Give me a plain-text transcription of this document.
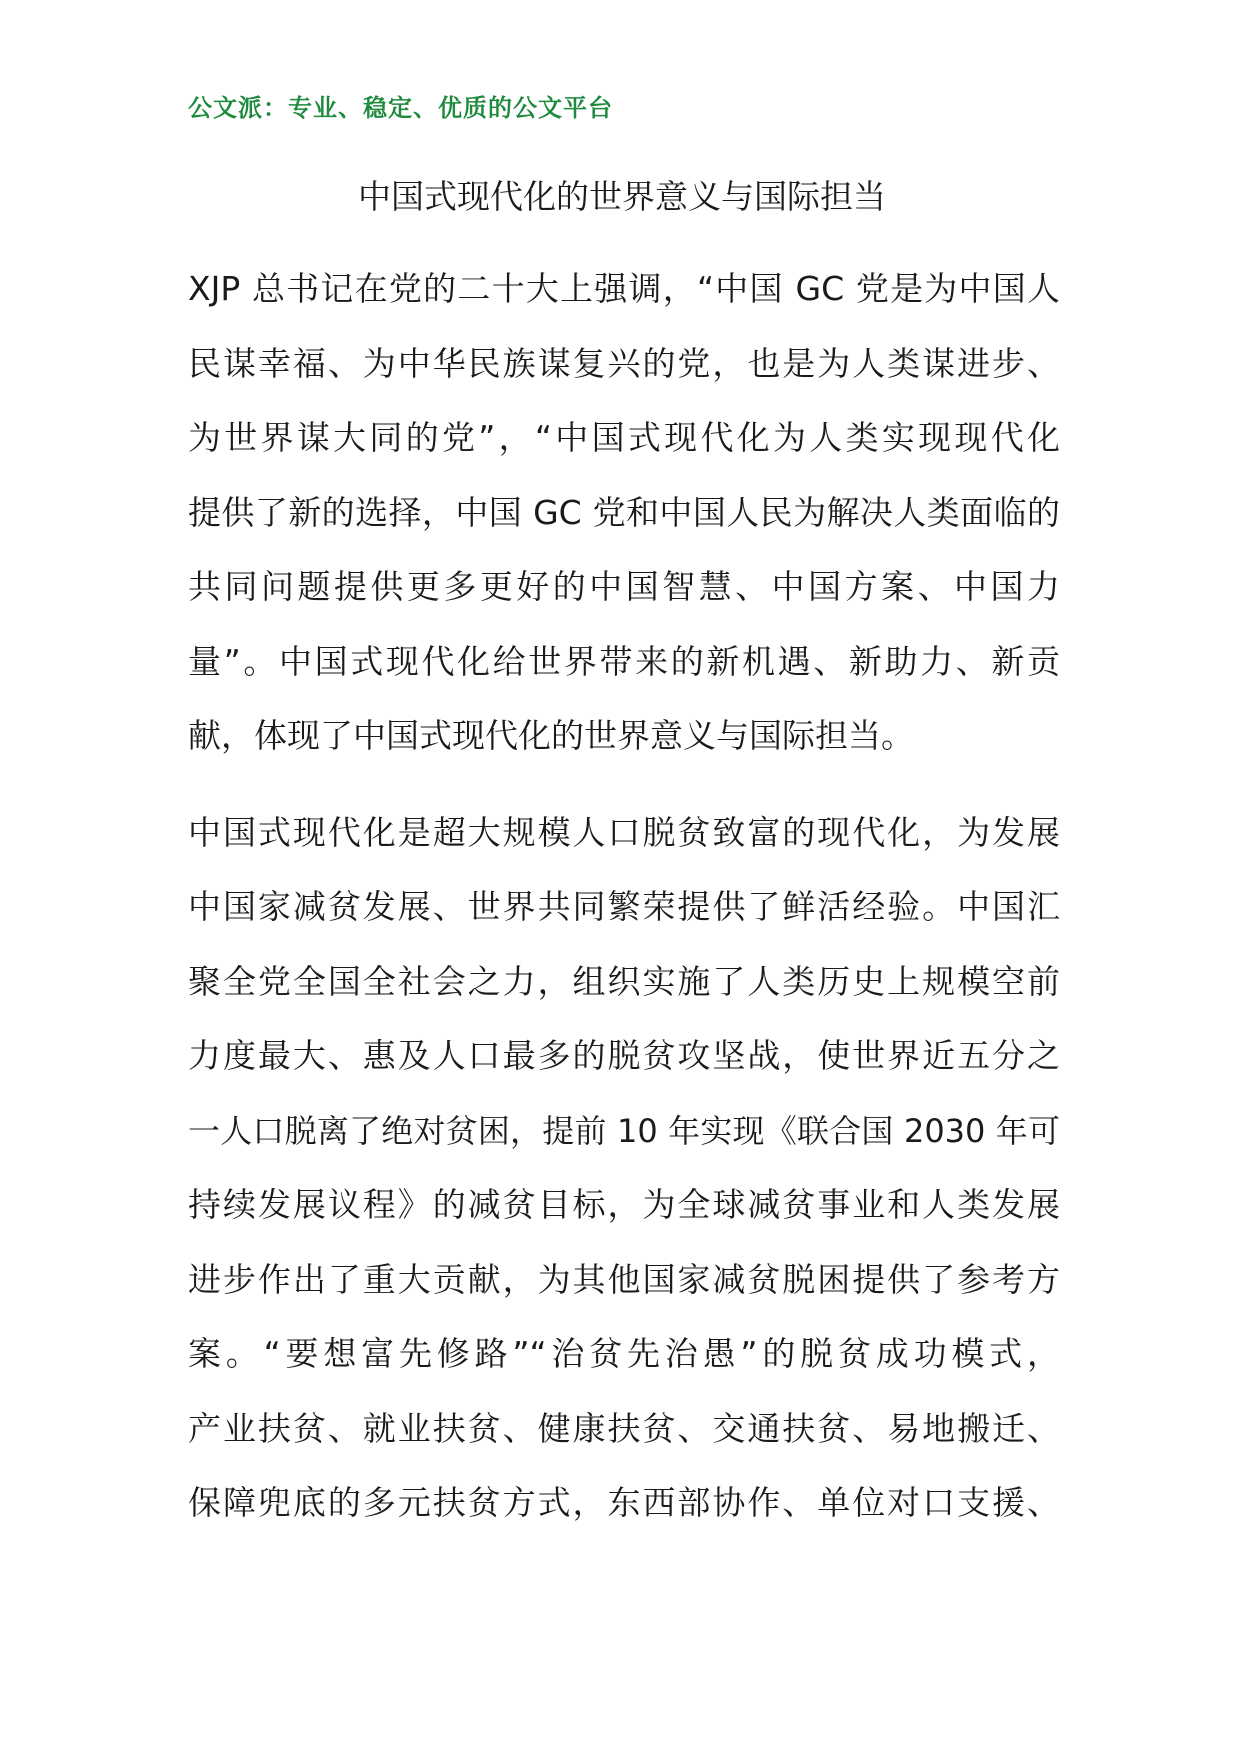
公文派：专业、稳定、优质的公文平台
中国式现代化的世界意义与国际担当
XJP 总书记在党的二十大上强调，“中国 GC 党是为中国人
民谋幸福、为中华民族谋复兴的党，也是为人类谋进步、
为世界谋大同的党”，“中国式现代化为人类实现现代化
提供了新的选择，中国 GC 党和中国人民为解决人类面临的
共同问题提供更多更好的中国智慧、中国方案、中国力
量”。中国式现代化给世界带来的新机遇、新助力、新贡
献，体现了中国式现代化的世界意义与国际担当。
中国式现代化是超大规模人口脱贫致富的现代化，为发展
中国家减贫发展、世界共同繁荣提供了鲜活经验。中国汇
聚全党全国全社会之力，组织实施了人类历史上规模空前
力度最大、惠及人口最多的脱贫攻坚战，使世界近五分之
一人口脱离了绝对贫困，提前 10 年实现《联合国 2030 年可
持续发展议程》的减贫目标，为全球减贫事业和人类发展
进步作出了重大贡献，为其他国家减贫脱困提供了参考方
案。“要想富先修路”“治贫先治愚”的脱贫成功模式，
产业扶贫、就业扶贫、健康扶贫、交通扶贫、易地搬迁、
保障兜底的多元扶贫方式，东西部协作、单位对口支援、
